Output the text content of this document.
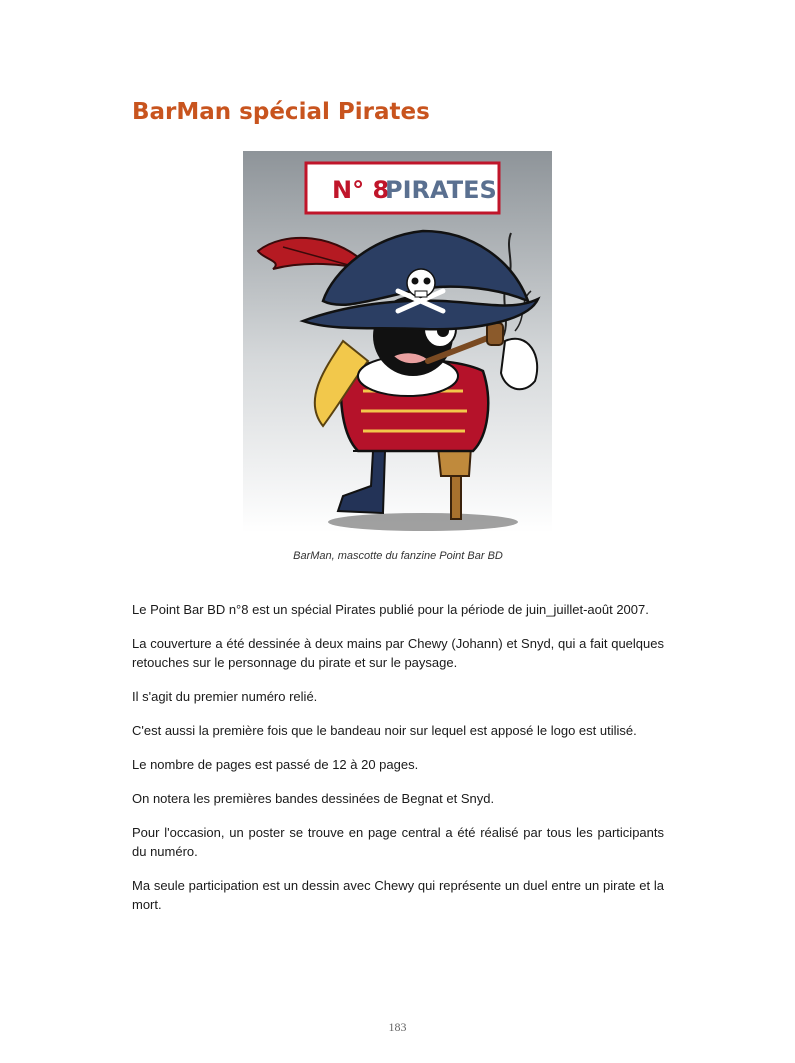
BarMan spécial Pirates
N° 8
PIRATES
BarMan, mascotte du fanzine Point Bar BD

Le Point Bar BD n°8 est un spécial Pirates publié pour la période de juin_juillet-août 2007.

La couverture a été dessinée à deux mains par Chewy (Johann) et Snyd, qui a fait quelques retouches sur le personnage du pirate et sur le paysage.

Il s'agit du premier numéro relié.

C'est aussi la première fois que le bandeau noir sur lequel est apposé le logo est utilisé.

Le nombre de pages est passé de 12 à 20 pages.

On notera les premières bandes dessinées de Begnat et Snyd.

Pour l'occasion, un poster se trouve en page central a été réalisé par tous les participants du numéro.

Ma seule participation est un dessin avec Chewy qui représente un duel entre un pirate et la mort.

183
